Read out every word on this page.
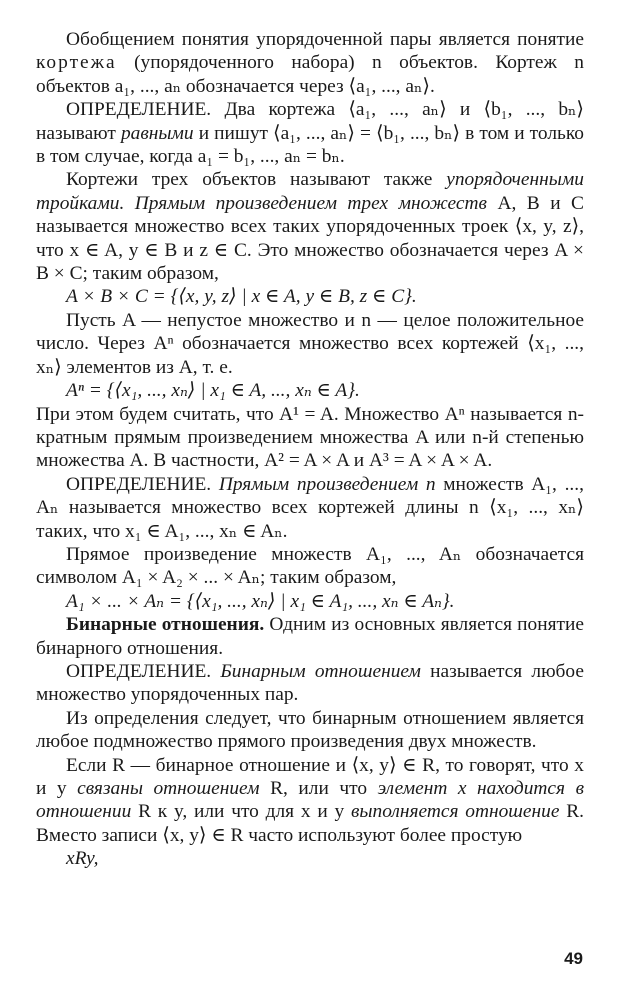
Обобщением понятия упорядоченной пары является понятие кортежа (упорядоченного набора) n объектов. Кортеж n объектов a₁, ..., aₙ обозначается через ⟨a₁, ..., aₙ⟩.

ОПРЕДЕЛЕНИЕ. Два кортежа ⟨a₁, ..., aₙ⟩ и ⟨b₁, ..., bₙ⟩ называют равными и пишут ⟨a₁, ..., aₙ⟩ = ⟨b₁, ..., bₙ⟩ в том и только в том случае, когда a₁ = b₁, ..., aₙ = bₙ.

Кортежи трех объектов называют также упорядоченными тройками. Прямым произведением трех множеств A, B и C называется множество всех таких упорядоченных троек ⟨x, y, z⟩, что x ∈ A, y ∈ B и z ∈ C. Это множество обозначается через A × B × C; таким образом,

A × B × C = {⟨x, y, z⟩ | x ∈ A, y ∈ B, z ∈ C}.

Пусть A — непустое множество и n — целое положительное число. Через Aⁿ обозначается множество всех кортежей ⟨x₁, ..., xₙ⟩ элементов из A, т. е.

Aⁿ = {⟨x₁, ..., xₙ⟩ | x₁ ∈ A, ..., xₙ ∈ A}.

При этом будем считать, что A¹ = A. Множество Aⁿ называется n-кратным прямым произведением множества A или n-й степенью множества A. В частности, A² = A × A и A³ = A × A × A.

ОПРЕДЕЛЕНИЕ. Прямым произведением n множеств A₁, ..., Aₙ называется множество всех кортежей длины n ⟨x₁, ..., xₙ⟩ таких, что x₁ ∈ A₁, ..., xₙ ∈ Aₙ.

Прямое произведение множеств A₁, ..., Aₙ обозначается символом A₁ × A₂ × ... × Aₙ; таким образом,

A₁ × ... × Aₙ = {⟨x₁, ..., xₙ⟩ | x₁ ∈ A₁, ..., xₙ ∈ Aₙ}.

Бинарные отношения. Одним из основных является понятие бинарного отношения.

ОПРЕДЕЛЕНИЕ. Бинарным отношением называется любое множество упорядоченных пар.

Из определения следует, что бинарным отношением является любое подмножество прямого произведения двух множеств.

Если R — бинарное отношение и ⟨x, y⟩ ∈ R, то говорят, что x и y связаны отношением R, или что элемент x находится в отношении R к y, или что для x и y выполняется отношение R. Вместо записи ⟨x, y⟩ ∈ R часто используют более простую

xRy,

49
